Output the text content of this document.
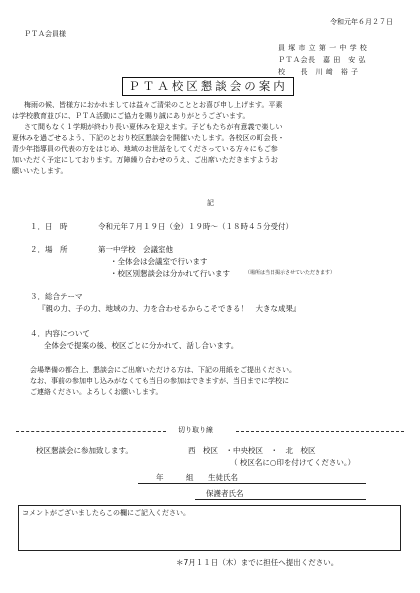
令和元年６月２７日
ＰＴＡ会員様
員 塚 市 立 第 一 中 学 校
ＰＴＡ会長　嘉 田　安 弘
校　　長　川 﨑　裕 子
ＰＴＡ校区懇談会の案内
梅雨の候、皆様方におかれましては益々ご清栄のこととお喜び申し上げます。平素
は学校教育並びに、ＰＴＡ活動にご協力を賜り誠にありがとうございます。
さて間もなく１学期が終わり長い夏休みを迎えます。子どもたちが有意義で楽しい
夏休みを過ごせるよう、下記のとおり校区懇談会を開催いたします。各校区の町会長・
青少年指導員の代表の方をはじめ、地域のお世話をしてくださっている方々にもご参
加いただく予定にしております。万障繰り合わせのうえ、ご出席いただきますようお
願いいたします。
記
１．日　時	令和元年７月１９日（金）１９時～（１８時４５分受付）
２．場　所	第一中学校　会議室他
・全体会は会議室で行います
・校区別懇談会は分かれて行います	（場所は当日掲示させていただきます）
３．総合テーマ
『親の力、子の力、地域の力、力を合わせるからこそできる！　大きな成果』
４．内容について
全体会で提案の後、校区ごとに分かれて、話し合います。
会場準備の都合上、懇談会にご出席いただける方は、下記の用紙をご提出ください。
なお、事前の参加申し込みがなくても当日の参加はできますが、当日までに学校に
ご連絡ください。よろしくお願いします。
切り取り線
校区懇談会に参加致します。	西　校区　・中央校区　・　北　校区
（ 校区名に○印を付けてください。）
年	組 生徒氏名
保護者氏名
コメントがございましたらこの欄にご記入ください。
＊7月１１日（木）までに担任へ提出ください。
